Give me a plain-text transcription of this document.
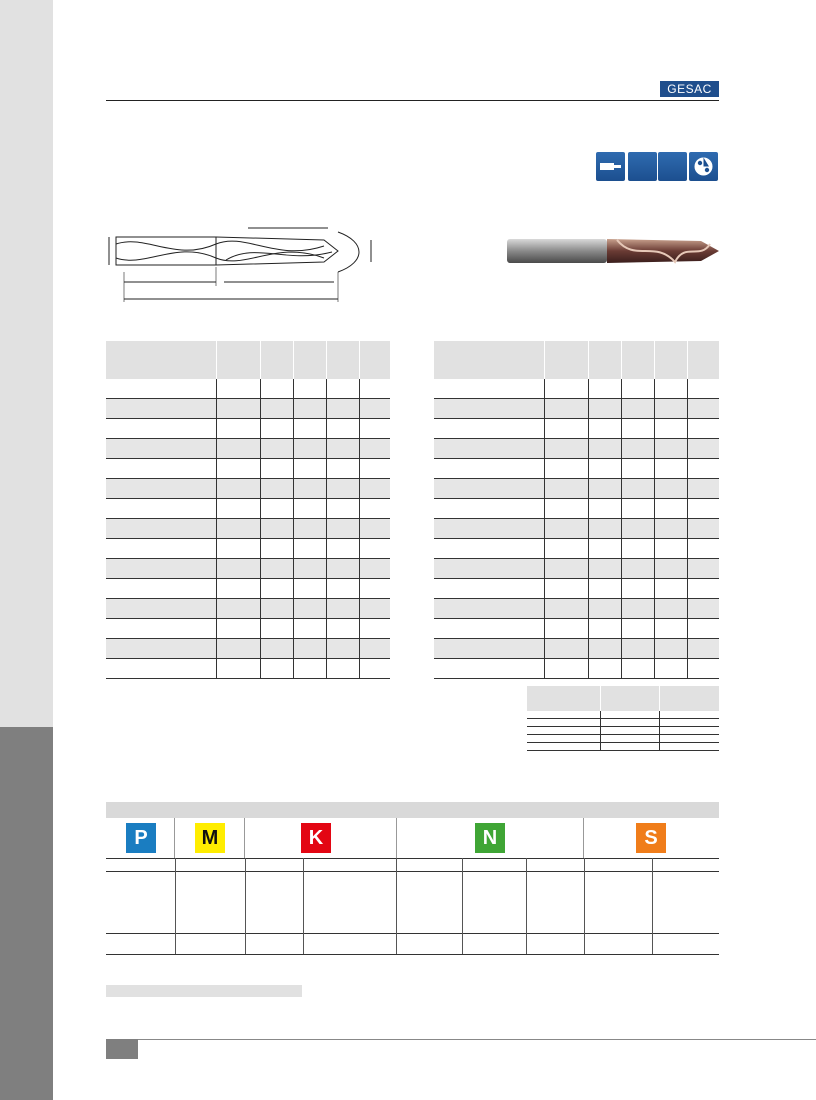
GESAC

P	M	K	N	S
